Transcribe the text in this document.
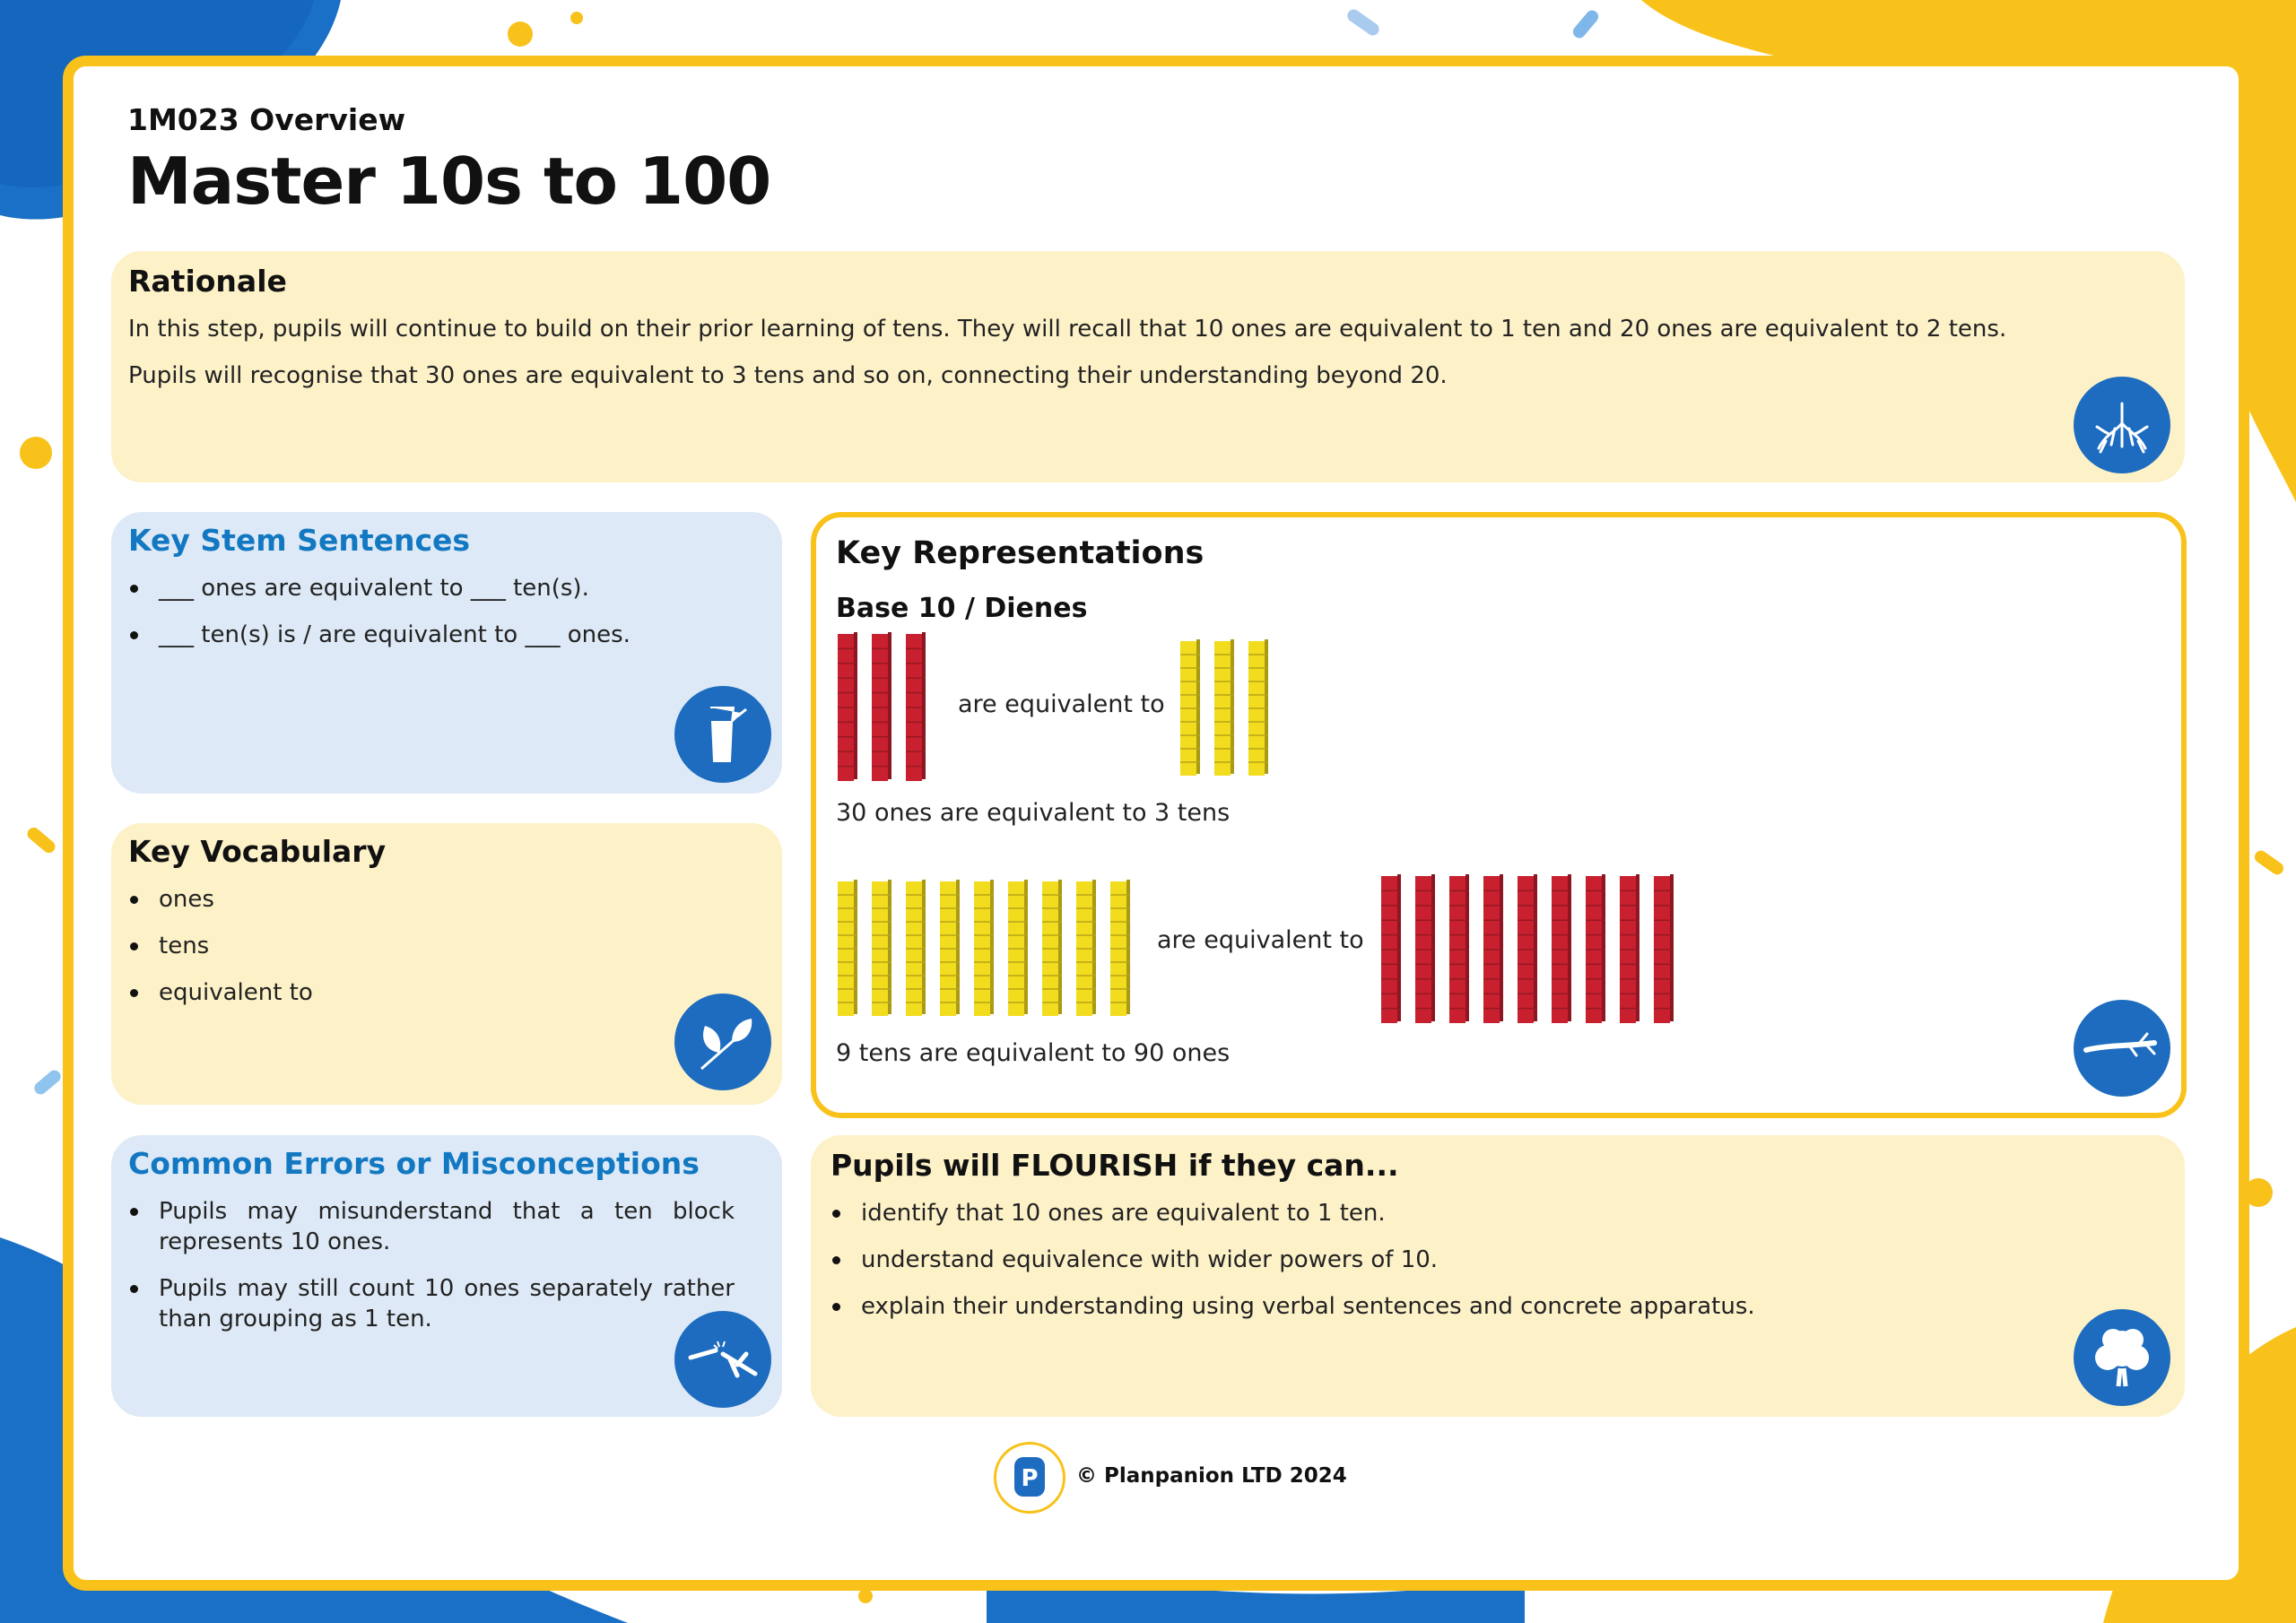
1M023 Overview
Master 10s to 100
Rationale

In this step, pupils will continue to build on their prior learning of tens. They will recall that 10 ones are equivalent to 1 ten and 20 ones are equivalent to 2 tens.

Pupils will recognise that 30 ones are equivalent to 3 tens and so on, connecting their understanding beyond 20.

Key Stem Sentences
___ ones are equivalent to ___ ten(s).
___ ten(s) is / are equivalent to ___ ones.
Key Vocabulary
ones
tens
equivalent to
Common Errors or Misconceptions
Pupils may misunderstand that a ten block represents 10 ones.
Pupils may still count 10 ones separately rather than grouping as 1 ten.
Key Representations
Base 10 / Dienes
are equivalent to
30 ones are equivalent to 3 tens
are equivalent to
9 tens are equivalent to 90 ones
Pupils will FLOURISH if they can...
identify that 10 ones are equivalent to 1 ten.
understand equivalence with wider powers of 10.
explain their understanding using verbal sentences and concrete apparatus.
P © Planpanion LTD 2024
